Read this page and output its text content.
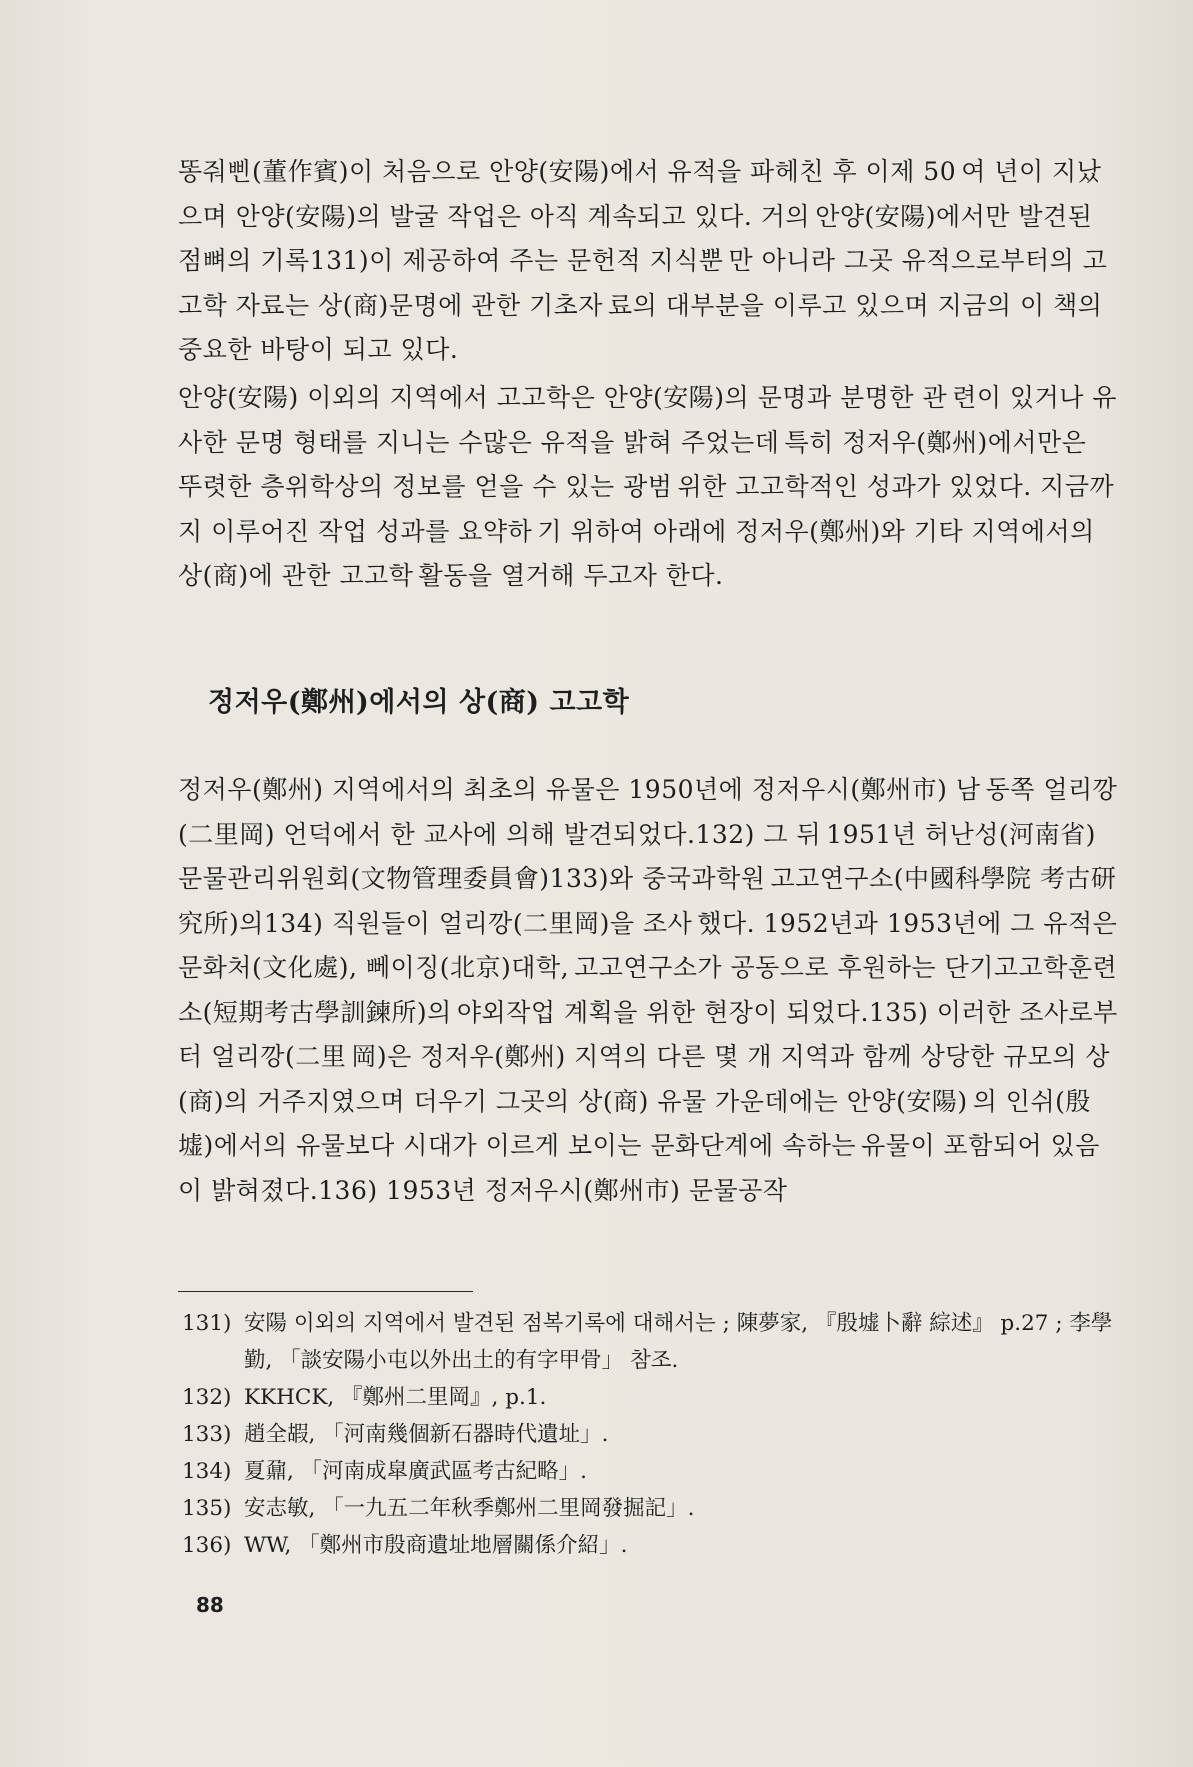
똥줘삔(董作賓)이 처음으로 안양(安陽)에서 유적을 파헤친 후 이제 50 여 년이 지났으며 안양(安陽)의 발굴 작업은 아직 계속되고 있다. 거의 안양(安陽)에서만 발견된 점뼈의 기록131)이 제공하여 주는 문헌적 지식뿐 만 아니라 그곳 유적으로부터의 고고학 자료는 상(商)문명에 관한 기초자 료의 대부분을 이루고 있으며 지금의 이 책의 중요한 바탕이 되고 있다.
안양(安陽) 이외의 지역에서 고고학은 안양(安陽)의 문명과 분명한 관 련이 있거나 유사한 문명 형태를 지니는 수많은 유적을 밝혀 주었는데 특히 정저우(鄭州)에서만은 뚜렷한 층위학상의 정보를 얻을 수 있는 광범 위한 고고학적인 성과가 있었다. 지금까지 이루어진 작업 성과를 요약하 기 위하여 아래에 정저우(鄭州)와 기타 지역에서의 상(商)에 관한 고고학 활동을 열거해 두고자 한다.
정저우(鄭州)에서의 상(商) 고고학
정저우(鄭州) 지역에서의 최초의 유물은 1950년에 정저우시(鄭州市) 남 동쪽 얼리깡(二里岡) 언덕에서 한 교사에 의해 발견되었다.132) 그 뒤 1951년 허난성(河南省) 문물관리위원회(文物管理委員會)133)와 중국과학원 고고연구소(中國科學院 考古研究所)의134) 직원들이 얼리깡(二里岡)을 조사 했다. 1952년과 1953년에 그 유적은 문화처(文化處), 뻬이징(北京)대학, 고고연구소가 공동으로 후원하는 단기고고학훈련소(短期考古學訓鍊所)의 야외작업 계획을 위한 현장이 되었다.135) 이러한 조사로부터 얼리깡(二里 岡)은 정저우(鄭州) 지역의 다른 몇 개 지역과 함께 상당한 규모의 상 (商)의 거주지였으며 더우기 그곳의 상(商) 유물 가운데에는 안양(安陽) 의 인쉬(殷墟)에서의 유물보다 시대가 이르게 보이는 문화단계에 속하는 유물이 포함되어 있음이 밝혀졌다.136) 1953년 정저우시(鄭州市) 문물공작
131) 安陽 이외의 지역에서 발견된 점복기록에 대해서는 ; 陳夢家, 『殷墟卜辭 綜述』 p.27 ; 李學勤, 「談安陽小屯以外出土的有字甲骨」 참조.
132) KKHCK, 『鄭州二里岡』, p.1.
133) 趙全嘏, 「河南幾個新石器時代遺址」.
134) 夏鼐, 「河南成皐廣武區考古紀略」.
135) 安志敏, 「一九五二年秋季鄭州二里岡發掘記」.
136) WW, 「鄭州市殷商遺址地層關係介紹」.
88
